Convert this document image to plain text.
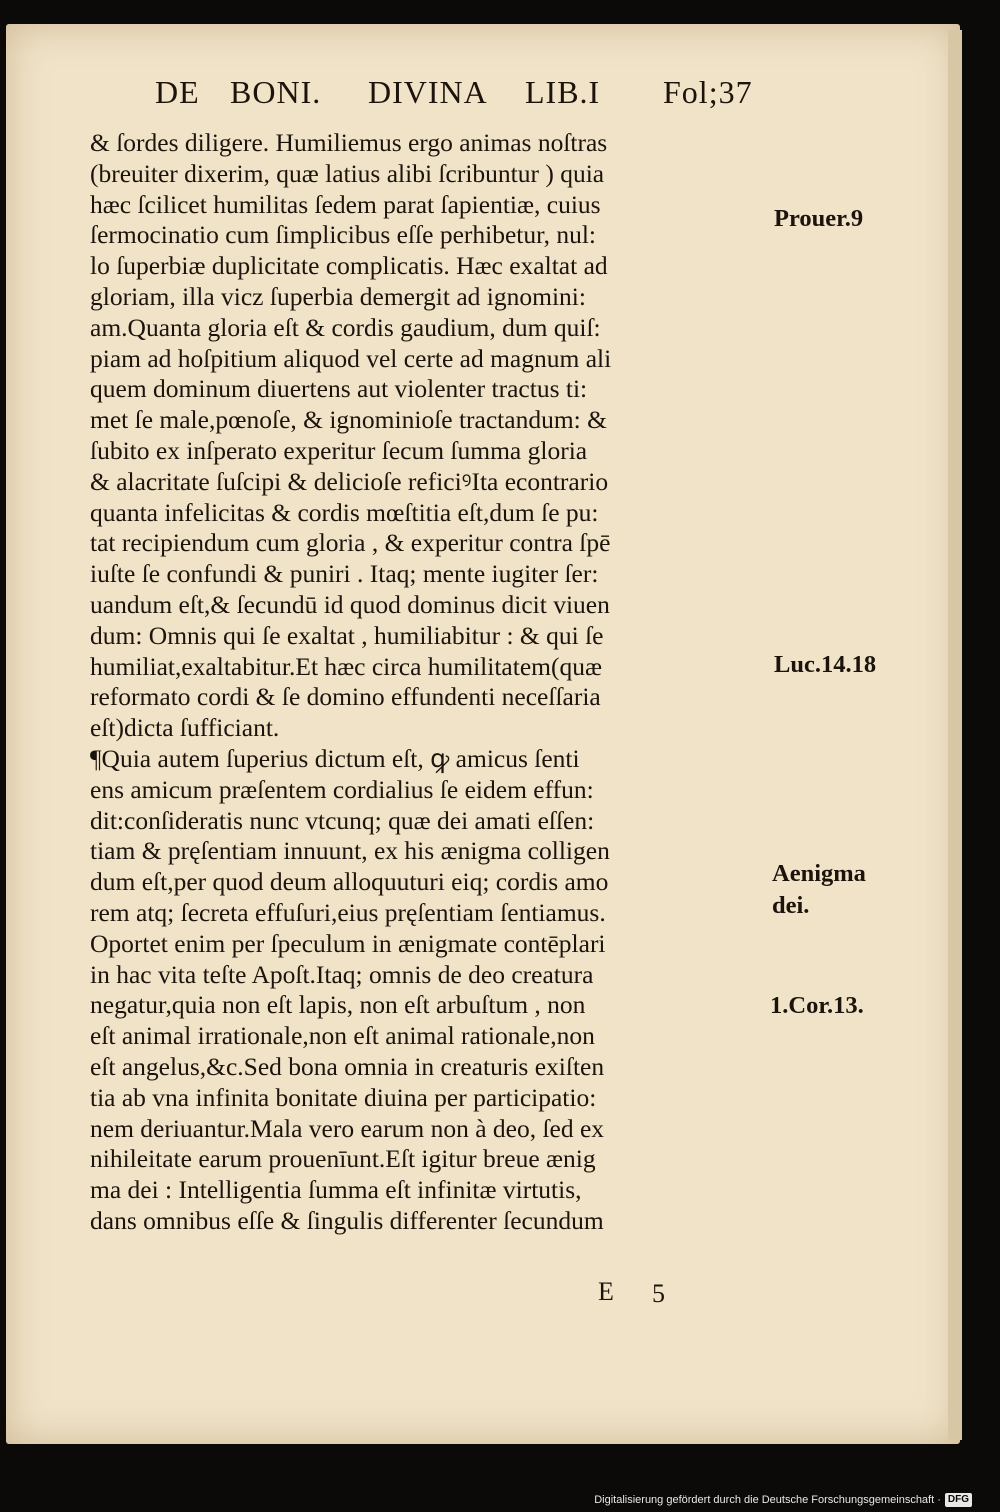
DE BONI. DIVINA LIB.I Fol;37
& ſordes diligere. Humiliemus ergo animas noſtras
(breuiter dixerim, quæ latius alibi ſcribuntur ) quia
hæc ſcilicet humilitas ſedem parat ſapientiæ, cuius
ſermocinatio cum ſimplicibus eſſe perhibetur, nul:
lo ſuperbiæ duplicitate complicatis. Hæc exaltat ad
gloriam, illa vicz ſuperbia demergit ad ignomini:
am.Quanta gloria eſt & cordis gaudium, dum quiſ:
piam ad hoſpitium aliquod vel certe ad magnum ali
quem dominum diuertens aut violenter tractus ti:
met ſe male,pœnoſe, & ignominioſe tractandum: &
ſubito ex inſperato experitur ſecum ſumma gloria
& alacritate ſuſcipi & delicioſe reficiꝰIta econtrario
quanta infelicitas & cordis mœſtitia eſt,dum ſe pu:
tat recipiendum cum gloria , & experitur contra ſpē
iuſte ſe confundi & puniri . Itaq; mente iugiter ſer:
uandum eſt,& ſecundū id quod dominus dicit viuen
dum: Omnis qui ſe exaltat , humiliabitur : & qui ſe
humiliat,exaltabitur.Et hæc circa humilitatem(quæ
reformato cordi & ſe domino effundenti neceſſaria
eſt)dicta ſufficiant.
¶Quia autem ſuperius dictum eſt, ꝙ amicus ſenti
ens amicum præſentem cordialius ſe eidem effun:
dit:conſideratis nunc vtcunq; quæ dei amati eſſen:
tiam & pręſentiam innuunt, ex his ænigma colligen
dum eſt,per quod deum alloquuturi eiq; cordis amo
rem atq; ſecreta effuſuri,eius pręſentiam ſentiamus.
Oportet enim per ſpeculum in ænigmate contēplari
in hac vita teſte Apoſt.Itaq; omnis de deo creatura
negatur,quia non eſt lapis, non eſt arbuſtum , non
eſt animal irrationale,non eſt animal rationale,non
eſt angelus,&c.Sed bona omnia in creaturis exiſten
tia ab vna infinita bonitate diuina per participatio:
nem deriuantur.Mala vero earum non à deo, ſed ex
nihileitate earum prouenīunt.Eſt igitur breue ænig
ma dei : Intelligentia ſumma eſt infinitæ virtutis,
dans omnibus eſſe & ſingulis differenter ſecundum
Prouer.9
Luc.14.18
Aenigma
dei.
1.Cor.13.
E 5
Digitalisierung gefördert durch die Deutsche Forschungsgemeinschaft · DFG
